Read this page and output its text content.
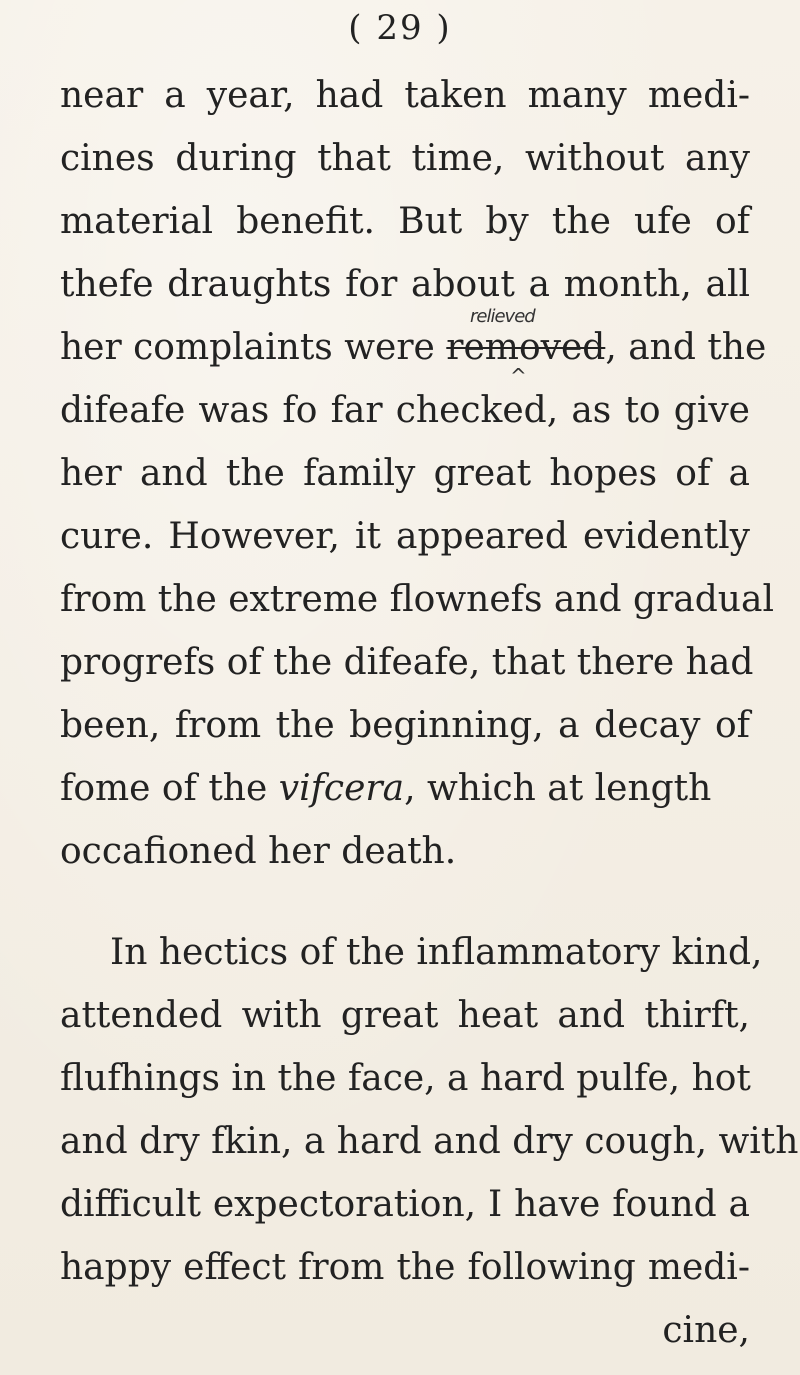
( 29 )
near a year, had taken many medi-
cines during that time, without any
material benefit. But by the ufe of
thefe draughts for about a month, all
her complaints were removed, and the
difeafe was fo far checked, as to give
her and the family great hopes of a
cure. However, it appeared evidently
from the extreme flownefs and gradual
progrefs of the difeafe, that there had
been, from the beginning, a decay of
fome of the vifcera, which at length
occafioned her death.
relieved
^
In hectics of the inflammatory kind,
attended with great heat and thirft,
flufhings in the face, a hard pulfe, hot
and dry fkin, a hard and dry cough, with
difficult expectoration, I have found a
happy effect from the following medi-
cine,
